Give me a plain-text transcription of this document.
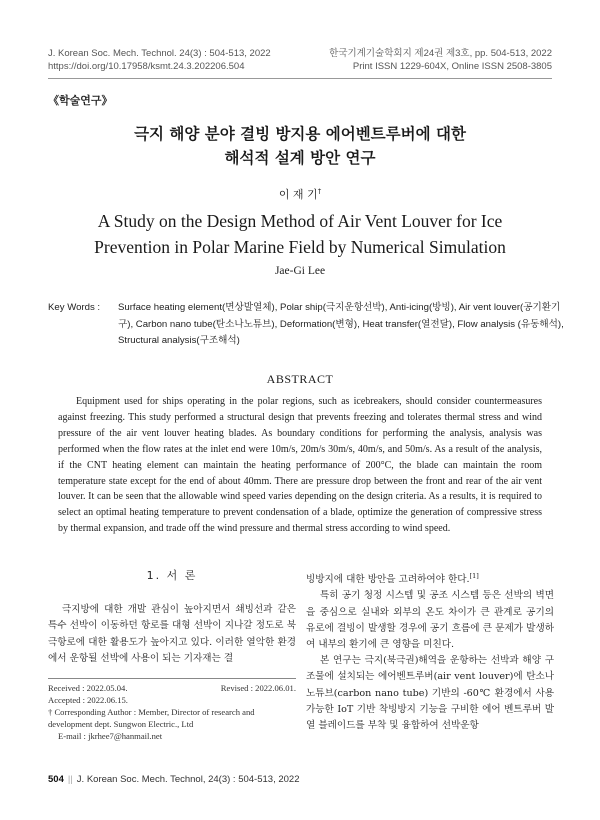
J. Korean Soc. Mech. Technol. 24(3) : 504-513, 2022
https://doi.org/10.17958/ksmt.24.3.202206.504
한국기계기술학회지 제24권 제3호, pp. 504-513, 2022
Print ISSN 1229-604X, Online ISSN 2508-3805
《학술연구》
극지 해양 분야 결빙 방지용 에어벤트루버에 대한
해석적 설계 방안 연구
이 재 기†
A Study on the Design Method of Air Vent Louver for Ice
Prevention in Polar Marine Field by Numerical Simulation
Jae-Gi Lee
Key Words : Surface heating element(면상발열체), Polar ship(극지운항선박), Anti-icing(방빙), Air vent louver(공기환기구), Carbon nano tube(탄소나노튜브), Deformation(변형), Heat transfer(열전달), Flow analysis (유동해석), Structural analysis(구조해석)
ABSTRACT
Equipment used for ships operating in the polar regions, such as icebreakers, should consider countermeasures against freezing. This study performed a structural design that prevents freezing and tolerates thermal stress and wind pressure of the air vent louver heating blades. As boundary conditions for performing the analysis, analysis was performed when the flow rates at the inlet end were 10m/s, 20m/s 30m/s, 40m/s, and 50m/s. As a result of the analysis, if the CNT heating element can maintain the heating performance of 200°C, the blade can maintain the room temperature state except for the end of about 40mm. There are pressure drop between the front and rear of the air vent louver. It can be seen that the allowable wind speed varies depending on the design criteria. As a results, it is required to select an optimal heating temperature to prevent condensation of a blade, optimize the generation of compressive stress by thermal expansion, and trade off the wind pressure and thermal stress according to wind speed.
1. 서 론

극지방에 대한 개발 관심이 높아지면서 쇄빙선과 같은 특수 선박이 이동하던 항로를 대형 선박이 지나갈 정도로 북극항로에 대한 활용도가 높아지고 있다. 이러한 열악한 환경에서 운항될 선박에 사용이 되는 기자재는 결

빙방지에 대한 방안을 고려하여야 한다.[1]

특히 공기 청정 시스템 및 공조 시스템 등은 선박의 벽면을 중심으로 실내와 외부의 온도 차이가 큰 관계로 공기의 유로에 결빙이 발생할 경우에 공기 흐름에 큰 문제가 발생하여 내부의 환기에 큰 영향을 미친다.

본 연구는 극지(북극권)해역을 운항하는 선박과 해양 구조물에 설치되는 에어벤트루버(air vent louver)에 탄소나노튜브(carbon nano tube) 기반의 -60℃ 환경에서 사용 가능한 IoT 기반 착빙방지 기능을 구비한 에어 벤트루버 발열 블레이드를 부착 및 융합하여 선박운항

Received : 2022.05.04.	Revised : 2022.06.01.
Accepted : 2022.06.15.
† Corresponding Author : Member, Director of research and development dept. Sungwon Electric., Ltd
E-mail : jkrhee7@hanmail.net
504 || J. Korean Soc. Mech. Technol, 24(3) : 504-513, 2022
